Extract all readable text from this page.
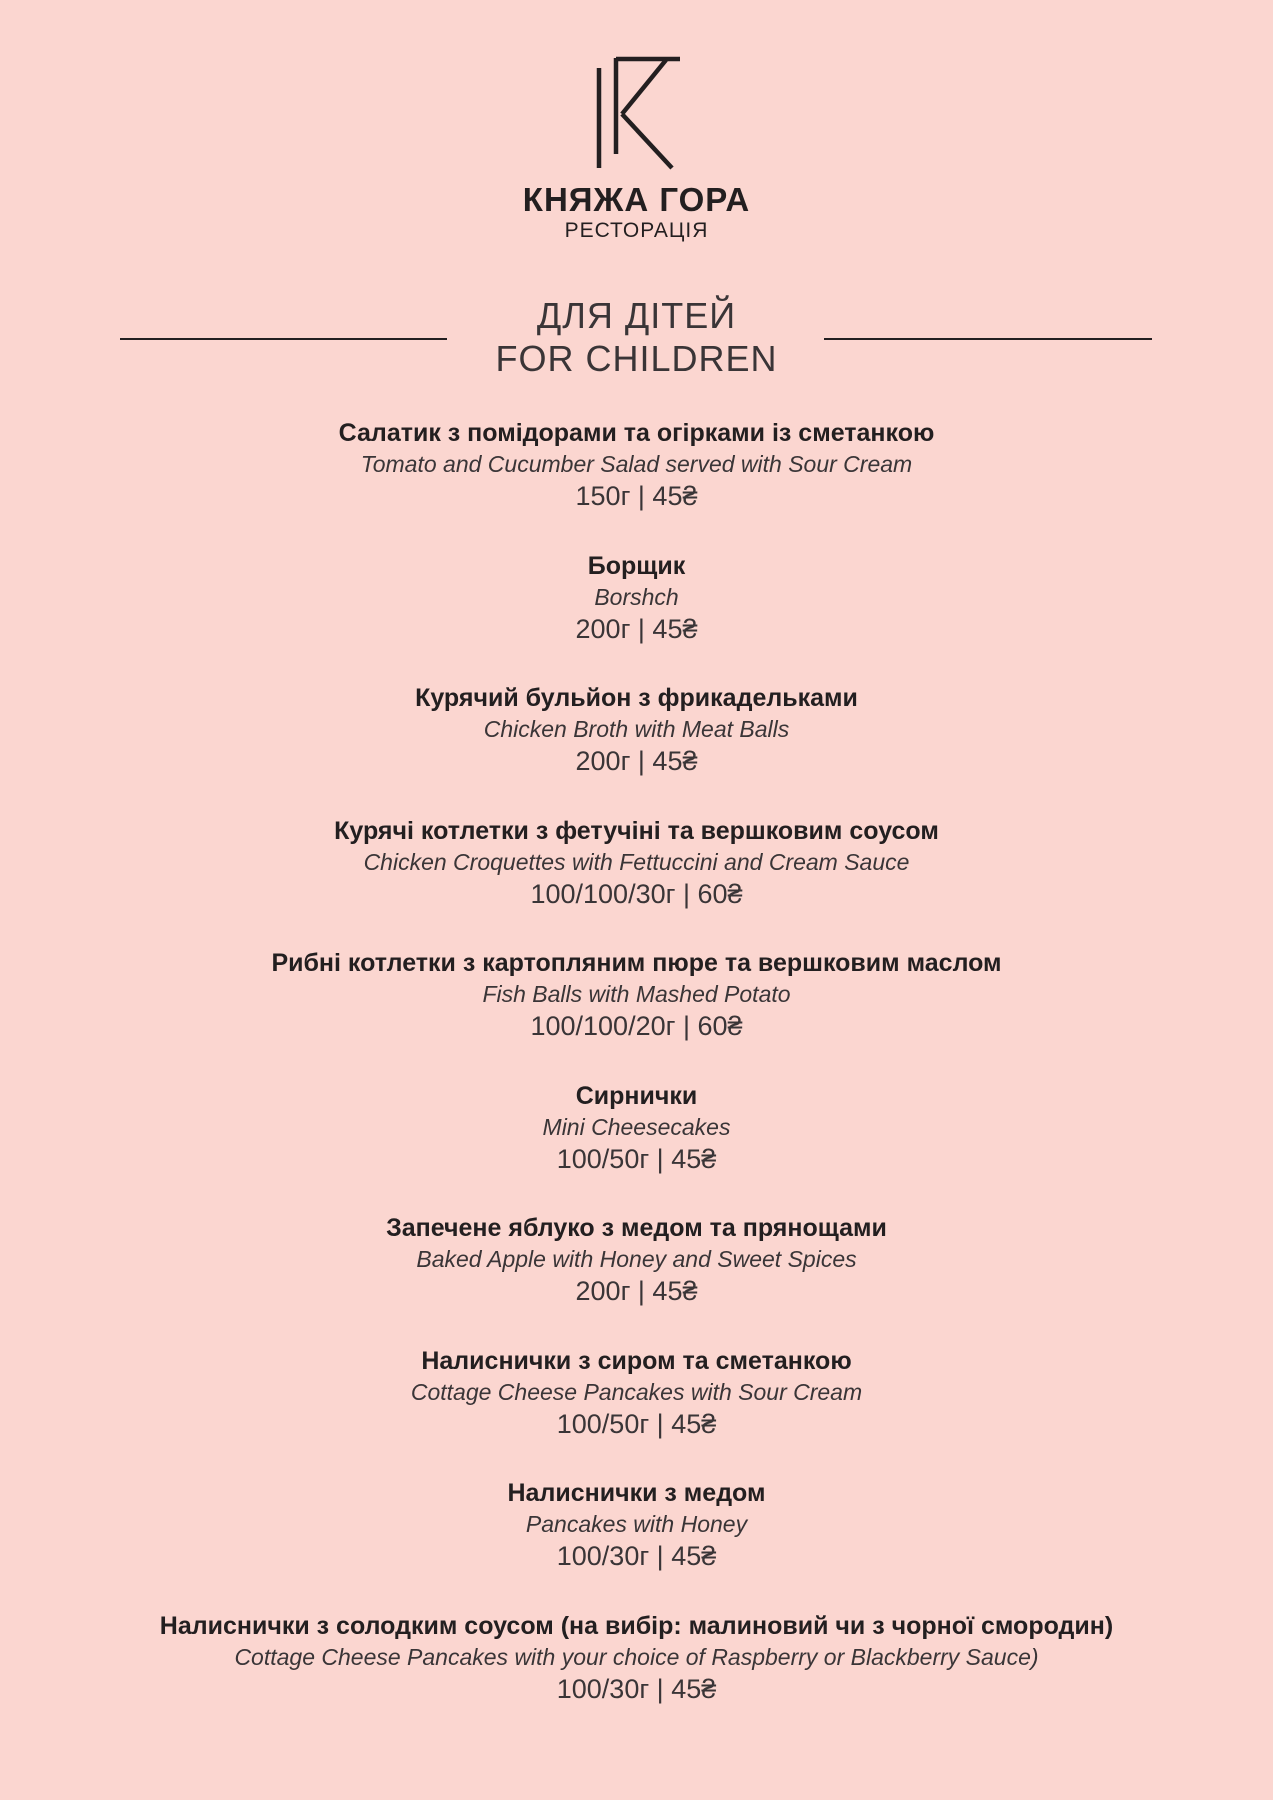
КНЯЖА ГОРА
РЕСТОРАЦІЯ
ДЛЯ ДІТЕЙ
FOR CHILDREN
Салатик з помідорами та огірками із сметанкою
Tomato and Cucumber Salad served with Sour Cream
150г | 45₴
Борщик
Borshch
200г | 45₴
Курячий бульйон з фрикадельками
Chicken Broth with Meat Balls
200г | 45₴
Курячі котлетки з фетучіні та вершковим соусом
Chicken Croquettes with Fettuccini and Cream Sauce
100/100/30г | 60₴
Рибні котлетки з картопляним пюре та вершковим маслом
Fish Balls with Mashed Potato
100/100/20г | 60₴
Сирнички
Mini Cheesecakes
100/50г | 45₴
Запечене яблуко з медом та прянощами
Baked Apple with Honey and Sweet Spices
200г | 45₴
Налиснички з сиром та сметанкою
Cottage Cheese Pancakes with Sour Cream
100/50г | 45₴
Налиснички з медом
Pancakes with Honey
100/30г | 45₴
Налиснички з солодким соусом (на вибір: малиновий чи з чорної смородин)
Cottage Cheese Pancakes with your choice of Raspberry or Blackberry Sauce)
100/30г | 45₴
